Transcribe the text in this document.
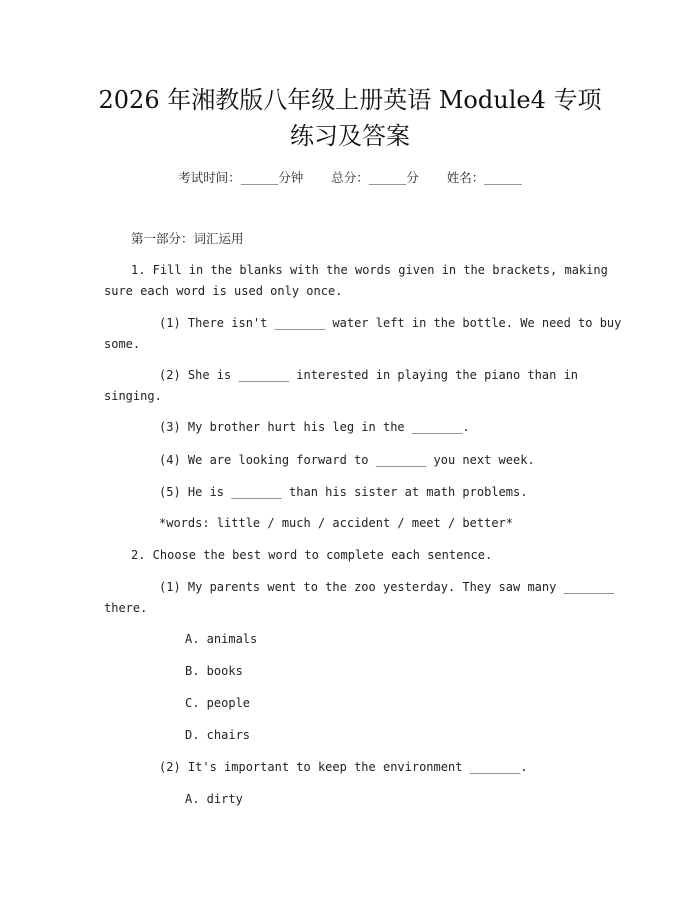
2026 年湘教版八年级上册英语 Module4 专项
练习及答案
考试时间：______分钟 总分：______分 姓名：______
第一部分：词汇运用
1. Fill in the blanks with the words given in the brackets, making
sure each word is used only once.
(1) There isn't _______ water left in the bottle. We need to buy
some.
(2) She is _______ interested in playing the piano than in
singing.
(3) My brother hurt his leg in the _______.
(4) We are looking forward to _______ you next week.
(5) He is _______ than his sister at math problems.
*words: little / much / accident / meet / better*
2. Choose the best word to complete each sentence.
(1) My parents went to the zoo yesterday. They saw many _______
there.
A. animals
B. books
C. people
D. chairs
(2) It's important to keep the environment _______.
A. dirty
